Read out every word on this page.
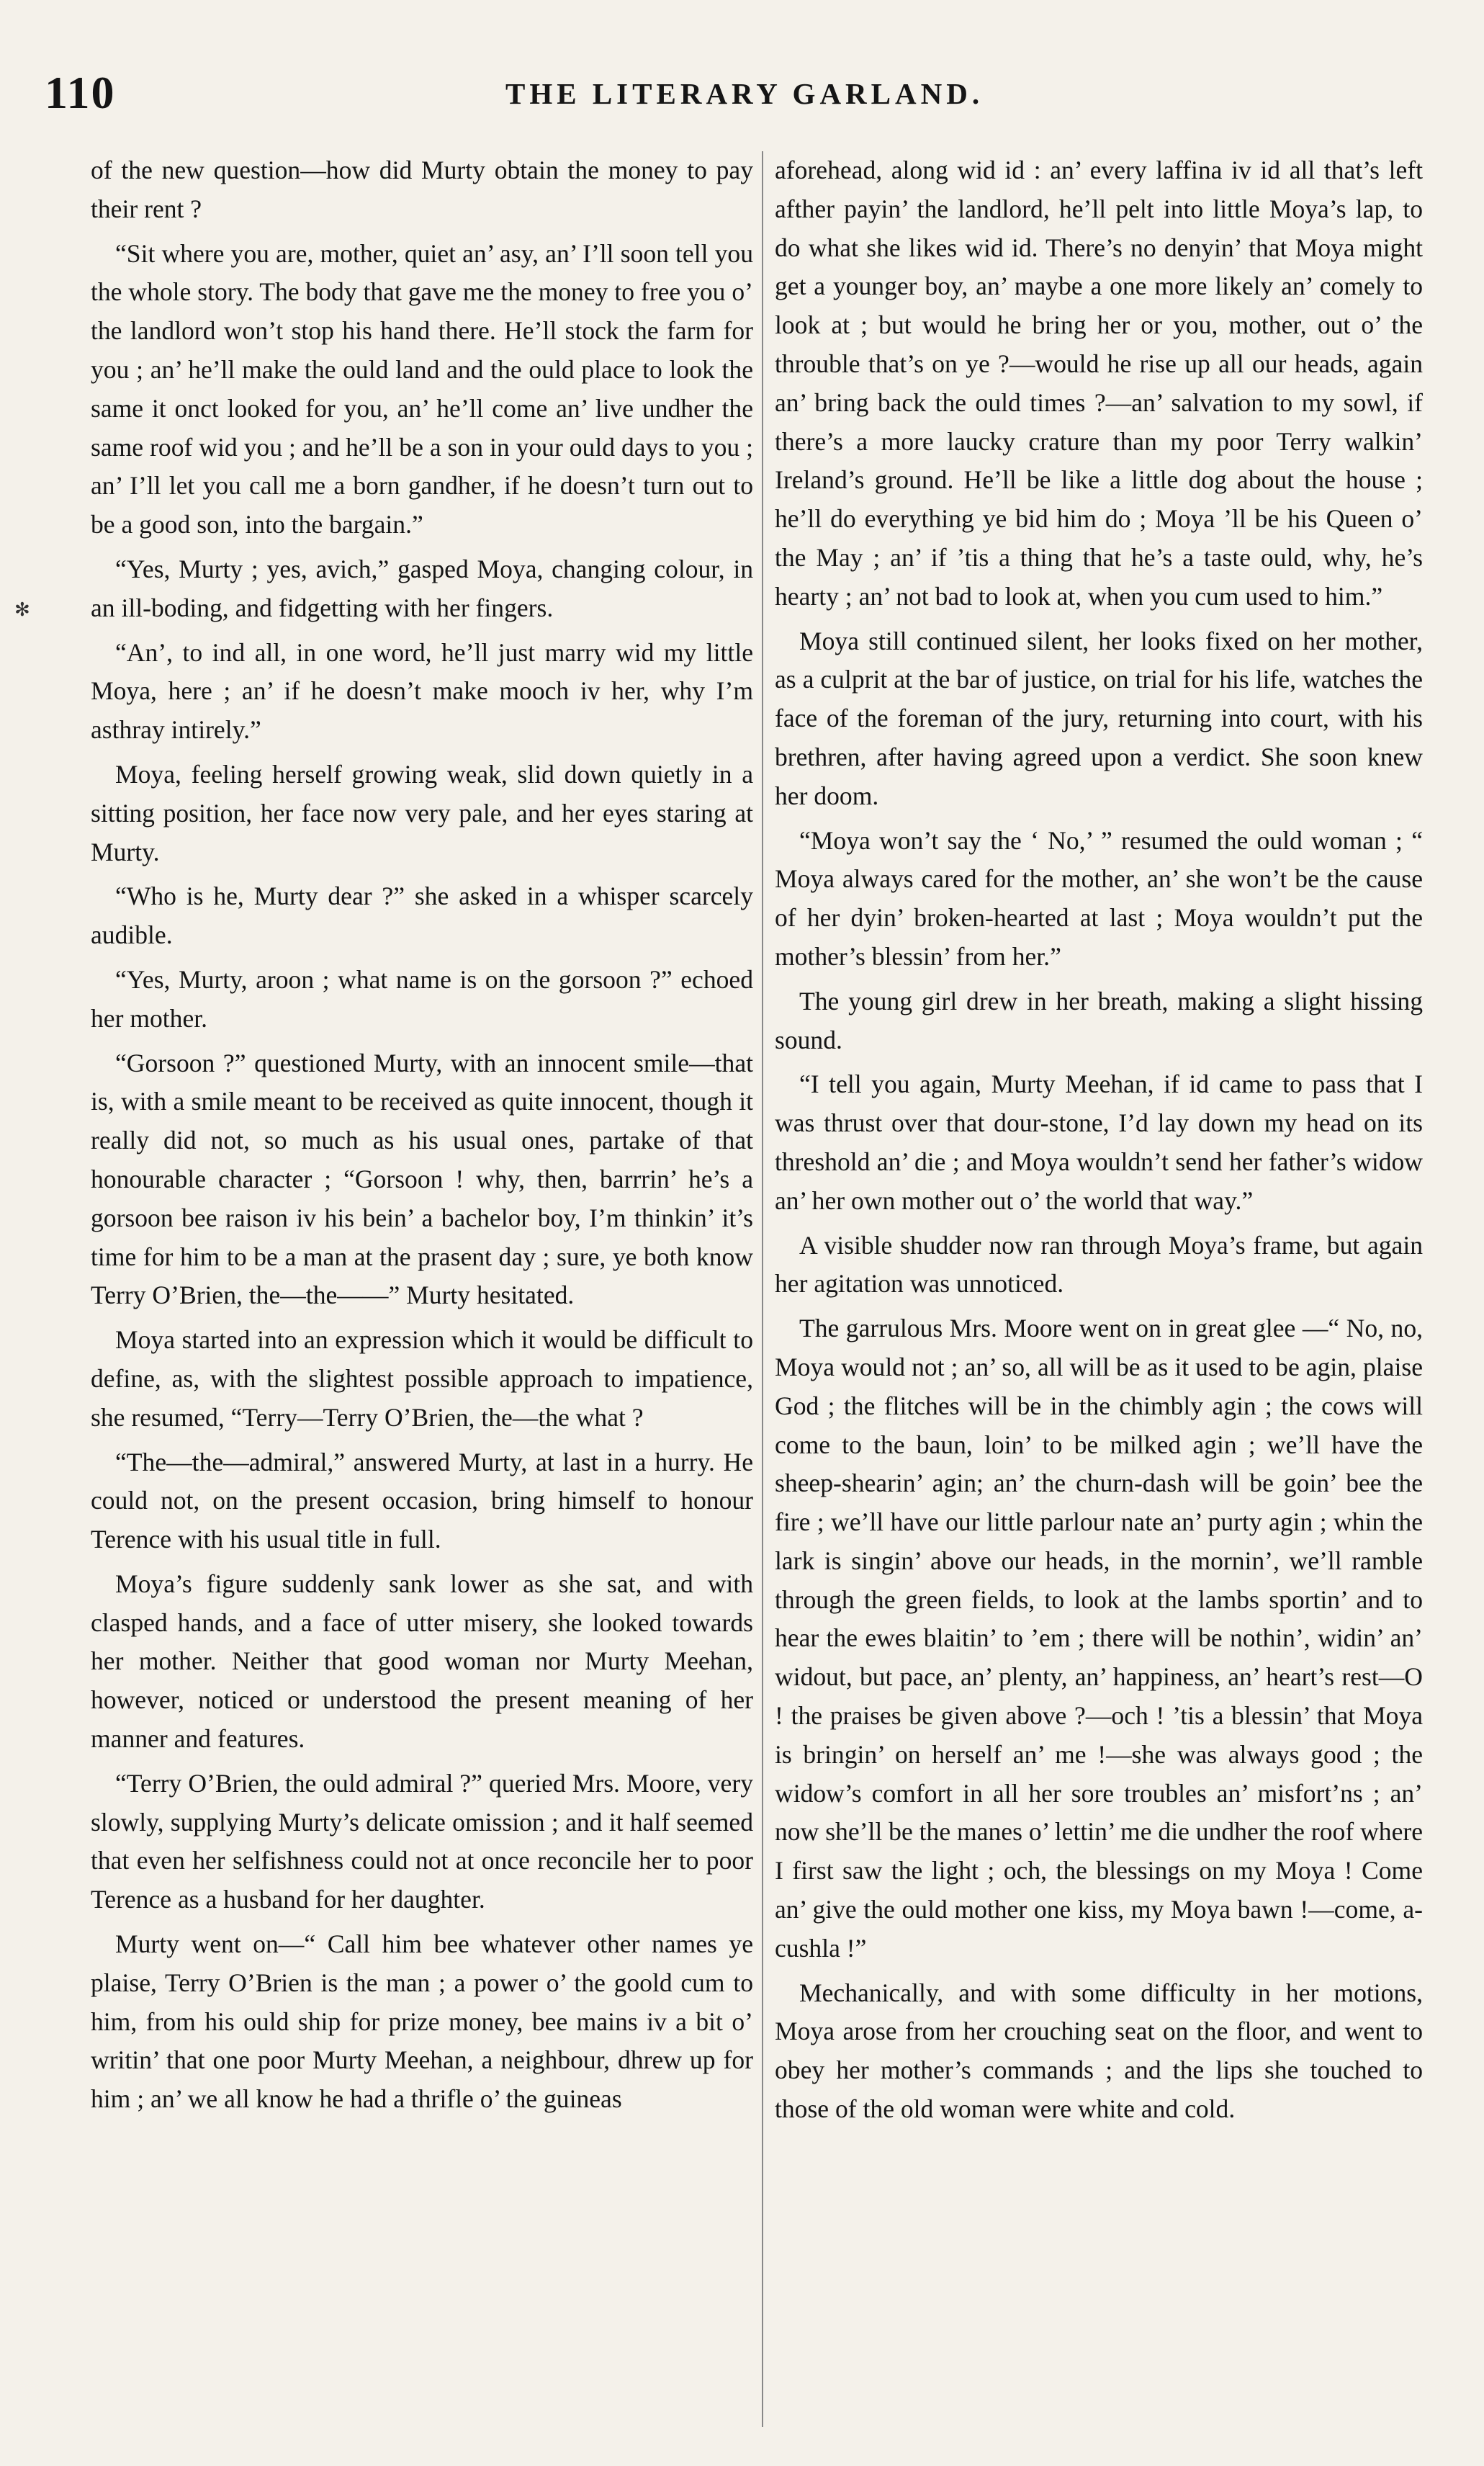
110	THE LITERARY GARLAND.
✻

of the new question—how did Murty obtain the money to pay their rent ?

“Sit where you are, mother, quiet an’ asy, an’ I’ll soon tell you the whole story. The body that gave me the money to free you o’ the landlord won’t stop his hand there. He’ll stock the farm for you ; an’ he’ll make the ould land and the ould place to look the same it onct looked for you, an’ he’ll come an’ live undher the same roof wid you ; and he’ll be a son in your ould days to you ; an’ I’ll let you call me a born gandher, if he doesn’t turn out to be a good son, into the bargain.”

“Yes, Murty ; yes, avich,” gasped Moya, changing colour, in an ill-boding, and fidgetting with her fingers.

“An’, to ind all, in one word, he’ll just marry wid my little Moya, here ; an’ if he doesn’t make mooch iv her, why I’m asthray intirely.”

Moya, feeling herself growing weak, slid down quietly in a sitting position, her face now very pale, and her eyes staring at Murty.

“Who is he, Murty dear ?” she asked in a whisper scarcely audible.

“Yes, Murty, aroon ; what name is on the gorsoon ?” echoed her mother.

“Gorsoon ?” questioned Murty, with an innocent smile—that is, with a smile meant to be received as quite innocent, though it really did not, so much as his usual ones, partake of that honourable character ; “Gorsoon ! why, then, barrrin’ he’s a gorsoon bee raison iv his bein’ a bachelor boy, I’m thinkin’ it’s time for him to be a man at the prasent day ; sure, ye both know Terry O’Brien, the—the——” Murty hesitated.

Moya started into an expression which it would be difficult to define, as, with the slightest possible approach to impatience, she resumed, “Terry—Terry O’Brien, the—the what ?

“The—the—admiral,” answered Murty, at last in a hurry. He could not, on the present occasion, bring himself to honour Terence with his usual title in full.

Moya’s figure suddenly sank lower as she sat, and with clasped hands, and a face of utter misery, she looked towards her mother. Neither that good woman nor Murty Meehan, however, noticed or understood the present meaning of her manner and features.

“Terry O’Brien, the ould admiral ?” queried Mrs. Moore, very slowly, supplying Murty’s delicate omission ; and it half seemed that even her selfishness could not at once reconcile her to poor Terence as a husband for her daughter.

Murty went on—“ Call him bee whatever other names ye plaise, Terry O’Brien is the man ; a power o’ the goold cum to him, from his ould ship for prize money, bee mains iv a bit o’ writin’ that one poor Murty Meehan, a neighbour, dhrew up for him ; an’ we all know he had a thrifle o’ the guineas

aforehead, along wid id : an’ every laffina iv id all that’s left afther payin’ the landlord, he’ll pelt into little Moya’s lap, to do what she likes wid id. There’s no denyin’ that Moya might get a younger boy, an’ maybe a one more likely an’ comely to look at ; but would he bring her or you, mother, out o’ the throuble that’s on ye ?—would he rise up all our heads, again an’ bring back the ould times ?—an’ salvation to my sowl, if there’s a more laucky crature than my poor Terry walkin’ Ireland’s ground. He’ll be like a little dog about the house ; he’ll do everything ye bid him do ; Moya ’ll be his Queen o’ the May ; an’ if ’tis a thing that he’s a taste ould, why, he’s hearty ; an’ not bad to look at, when you cum used to him.”

Moya still continued silent, her looks fixed on her mother, as a culprit at the bar of justice, on trial for his life, watches the face of the foreman of the jury, returning into court, with his brethren, after having agreed upon a verdict. She soon knew her doom.

“Moya won’t say the ‘ No,’ ” resumed the ould woman ; “ Moya always cared for the mother, an’ she won’t be the cause of her dyin’ broken-hearted at last ; Moya wouldn’t put the mother’s blessin’ from her.”

The young girl drew in her breath, making a slight hissing sound.

“I tell you again, Murty Meehan, if id came to pass that I was thrust over that dour-stone, I’d lay down my head on its threshold an’ die ; and Moya wouldn’t send her father’s widow an’ her own mother out o’ the world that way.”

A visible shudder now ran through Moya’s frame, but again her agitation was unnoticed.

The garrulous Mrs. Moore went on in great glee —“ No, no, Moya would not ; an’ so, all will be as it used to be agin, plaise God ; the flitches will be in the chimbly agin ; the cows will come to the baun, loin’ to be milked agin ; we’ll have the sheep-shearin’ agin; an’ the churn-dash will be goin’ bee the fire ; we’ll have our little parlour nate an’ purty agin ; whin the lark is singin’ above our heads, in the mornin’, we’ll ramble through the green fields, to look at the lambs sportin’ and to hear the ewes blaitin’ to ’em ; there will be nothin’, widin’ an’ widout, but pace, an’ plenty, an’ happiness, an’ heart’s rest—O ! the praises be given above ?—och ! ’tis a blessin’ that Moya is bringin’ on herself an’ me !—she was always good ; the widow’s comfort in all her sore troubles an’ misfort’ns ; an’ now she’ll be the manes o’ lettin’ me die undher the roof where I first saw the light ; och, the blessings on my Moya ! Come an’ give the ould mother one kiss, my Moya bawn !—come, a-cushla !”

Mechanically, and with some difficulty in her motions, Moya arose from her crouching seat on the floor, and went to obey her mother’s commands ; and the lips she touched to those of the old woman were white and cold.
